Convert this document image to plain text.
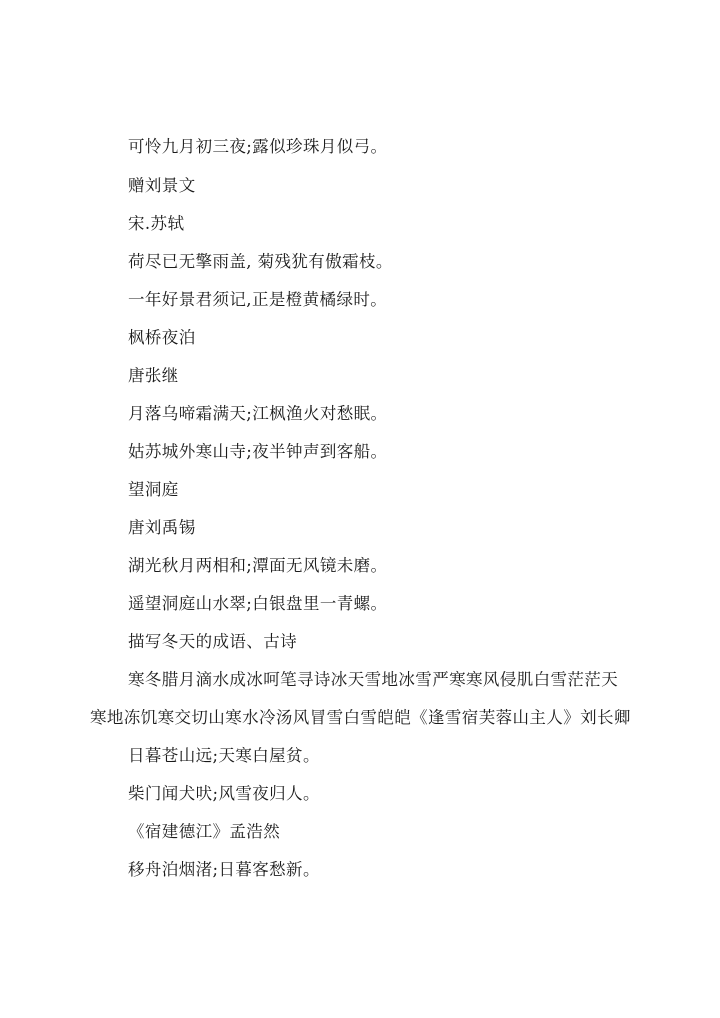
可怜九月初三夜;露似珍珠月似弓。
赠刘景文
宋.苏轼
荷尽已无擎雨盖, 菊残犹有傲霜枝。
一年好景君须记,正是橙黄橘绿时。
枫桥夜泊
唐张继
月落乌啼霜满天;江枫渔火对愁眠。
姑苏城外寒山寺;夜半钟声到客船。
望洞庭
唐刘禹锡
湖光秋月两相和;潭面无风镜未磨。
遥望洞庭山水翠;白银盘里一青螺。
描写冬天的成语、古诗
寒冬腊月滴水成冰呵笔寻诗冰天雪地冰雪严寒寒风侵肌白雪茫茫天
寒地冻饥寒交切山寒水冷汤风冒雪白雪皑皑《逢雪宿芙蓉山主人》刘长卿
日暮苍山远;天寒白屋贫。
柴门闻犬吠;风雪夜归人。
《宿建德江》孟浩然
移舟泊烟渚;日暮客愁新。
